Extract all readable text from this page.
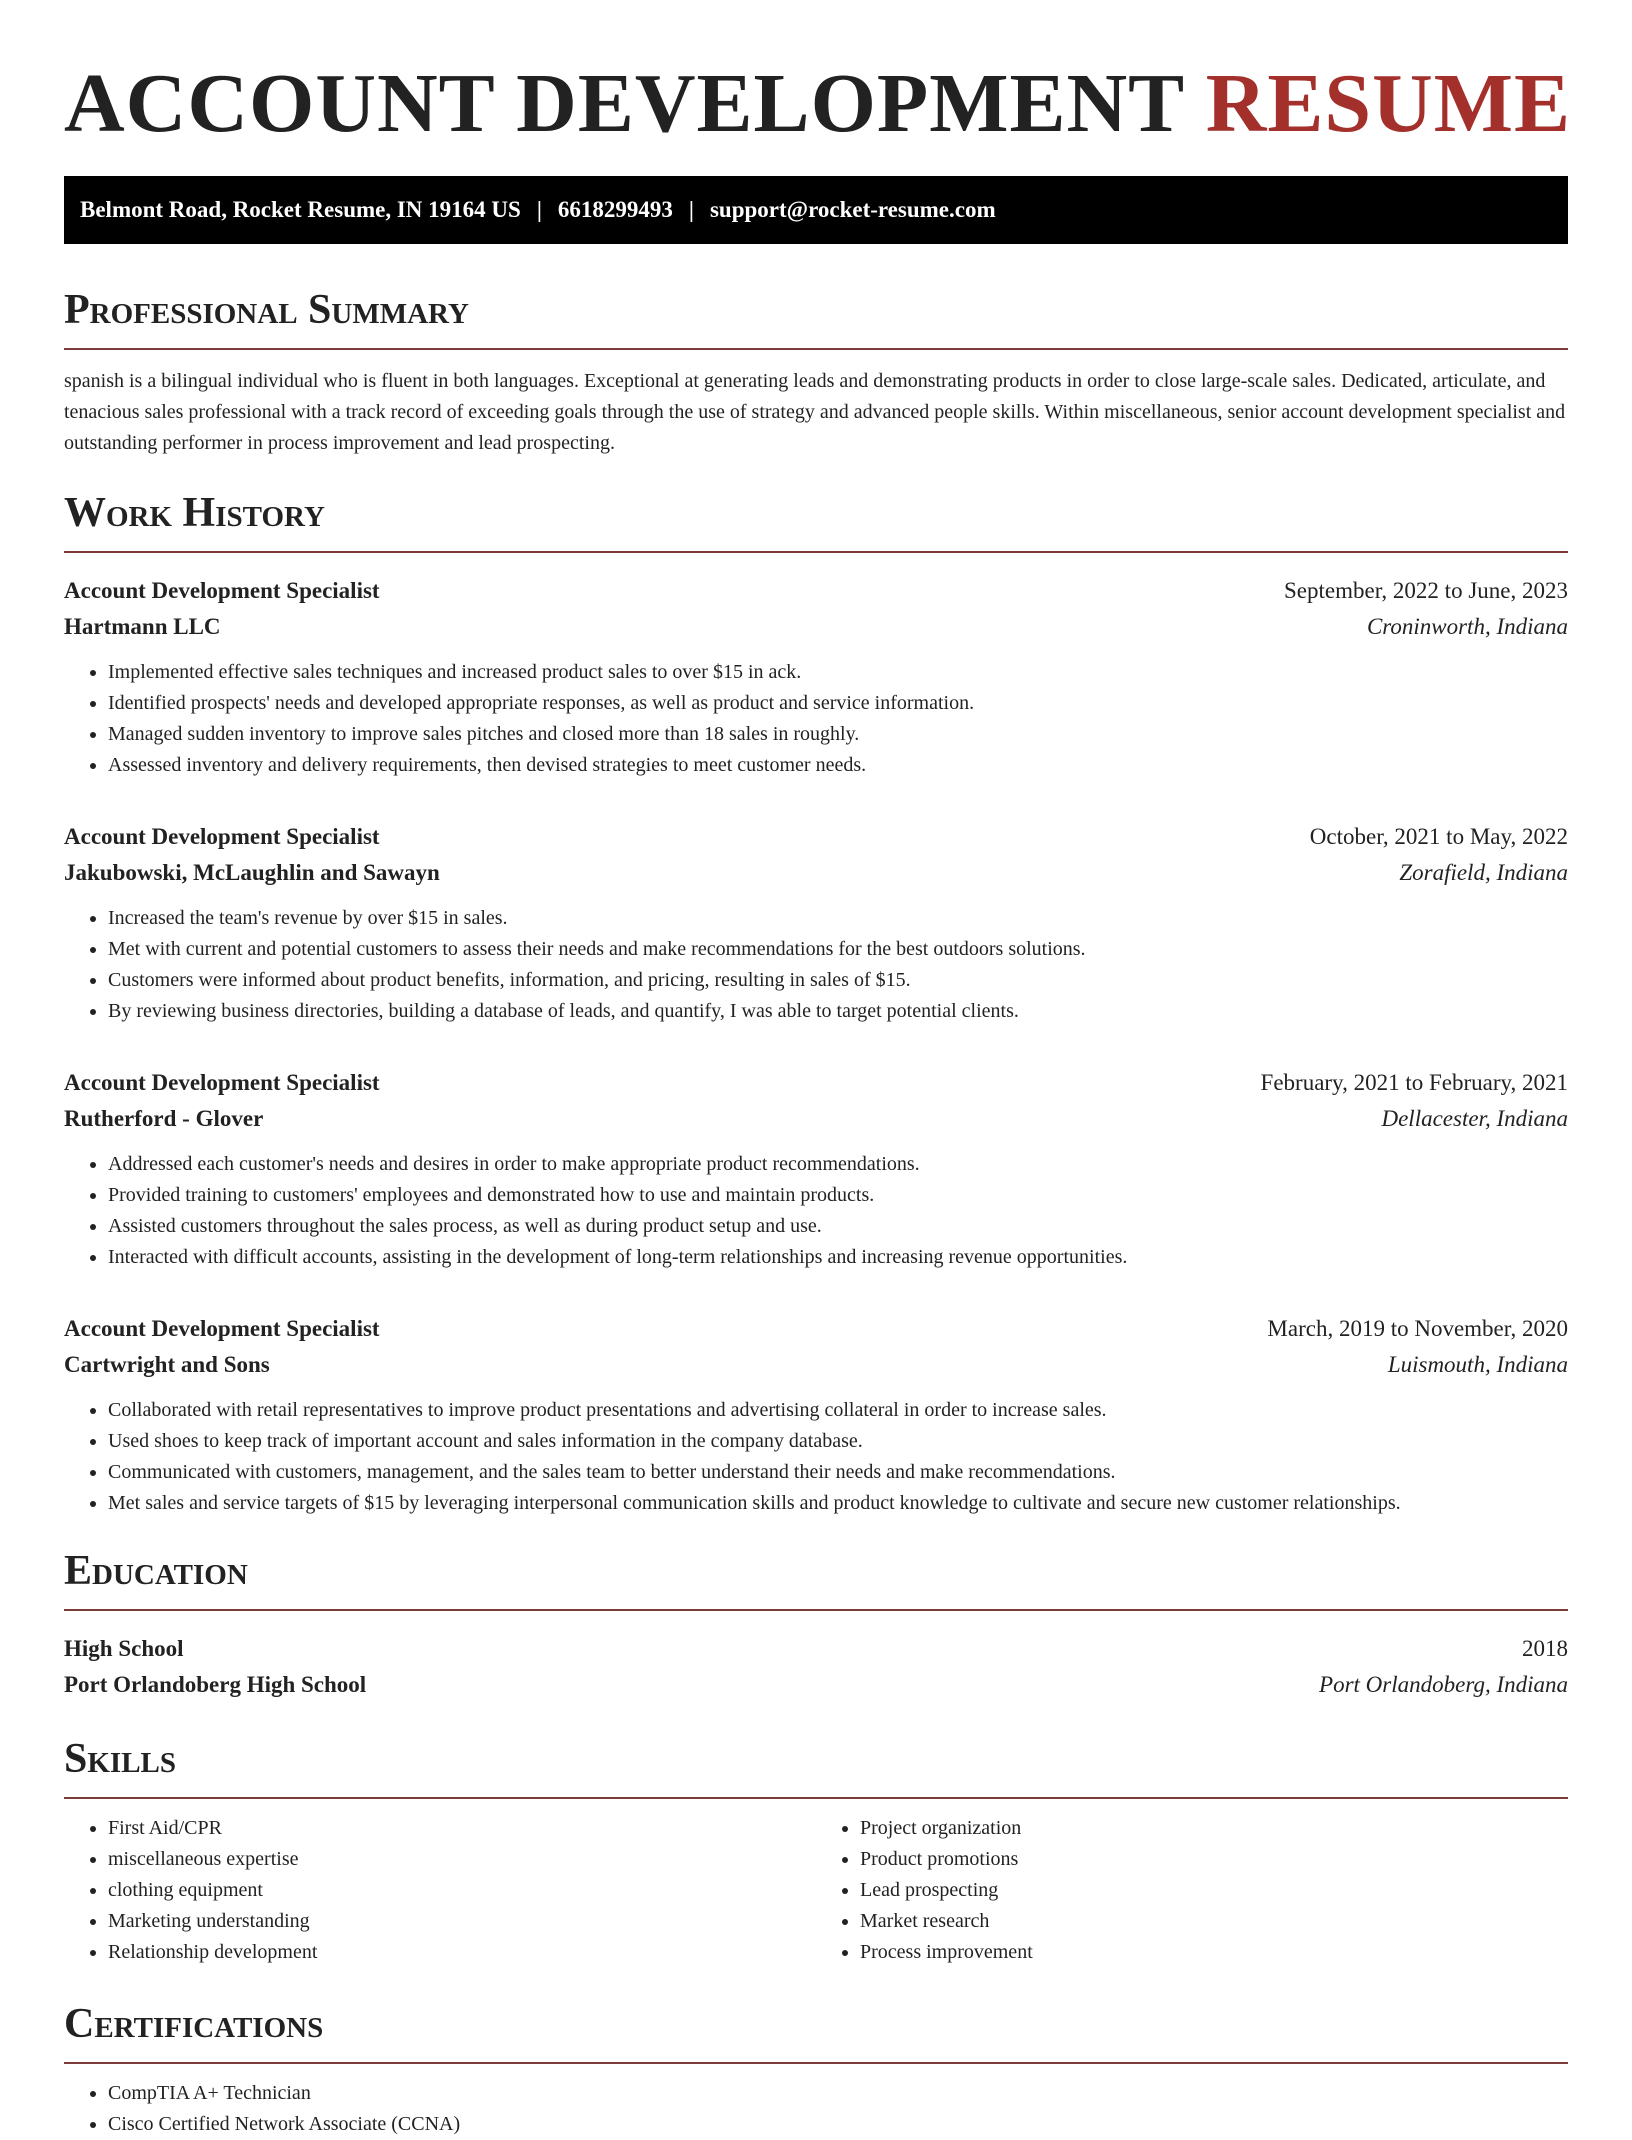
ACCOUNT DEVELOPMENT RESUME
Belmont Road, Rocket Resume, IN 19164 US | 6618299493 | support@rocket-resume.com
Professional Summary

spanish is a bilingual individual who is fluent in both languages. Exceptional at generating leads and demonstrating products in order to close large-scale sales. Dedicated, articulate, and tenacious sales professional with a track record of exceeding goals through the use of strategy and advanced people skills. Within miscellaneous, senior account development specialist and outstanding performer in process improvement and lead prospecting.

Work History
Account Development Specialist	September, 2022 to June, 2023
Hartmann LLC	Croninworth, Indiana
• Implemented effective sales techniques and increased product sales to over $15 in ack.
• Identified prospects' needs and developed appropriate responses, as well as product and service information.
• Managed sudden inventory to improve sales pitches and closed more than 18 sales in roughly.
• Assessed inventory and delivery requirements, then devised strategies to meet customer needs.
Account Development Specialist	October, 2021 to May, 2022
Jakubowski, McLaughlin and Sawayn	Zorafield, Indiana
• Increased the team's revenue by over $15 in sales.
• Met with current and potential customers to assess their needs and make recommendations for the best outdoors solutions.
• Customers were informed about product benefits, information, and pricing, resulting in sales of $15.
• By reviewing business directories, building a database of leads, and quantify, I was able to target potential clients.
Account Development Specialist	February, 2021 to February, 2021
Rutherford - Glover	Dellacester, Indiana
• Addressed each customer's needs and desires in order to make appropriate product recommendations.
• Provided training to customers' employees and demonstrated how to use and maintain products.
• Assisted customers throughout the sales process, as well as during product setup and use.
• Interacted with difficult accounts, assisting in the development of long-term relationships and increasing revenue opportunities.
Account Development Specialist	March, 2019 to November, 2020
Cartwright and Sons	Luismouth, Indiana
• Collaborated with retail representatives to improve product presentations and advertising collateral in order to increase sales.
• Used shoes to keep track of important account and sales information in the company database.
• Communicated with customers, management, and the sales team to better understand their needs and make recommendations.
• Met sales and service targets of $15 by leveraging interpersonal communication skills and product knowledge to cultivate and secure new customer relationships.
Education
High School	2018
Port Orlandoberg High School	Port Orlandoberg, Indiana
Skills
• First Aid/CPR
• miscellaneous expertise
• clothing equipment
• Marketing understanding
• Relationship development
• Project organization
• Product promotions
• Lead prospecting
• Market research
• Process improvement
Certifications
• CompTIA A+ Technician
• Cisco Certified Network Associate (CCNA)
